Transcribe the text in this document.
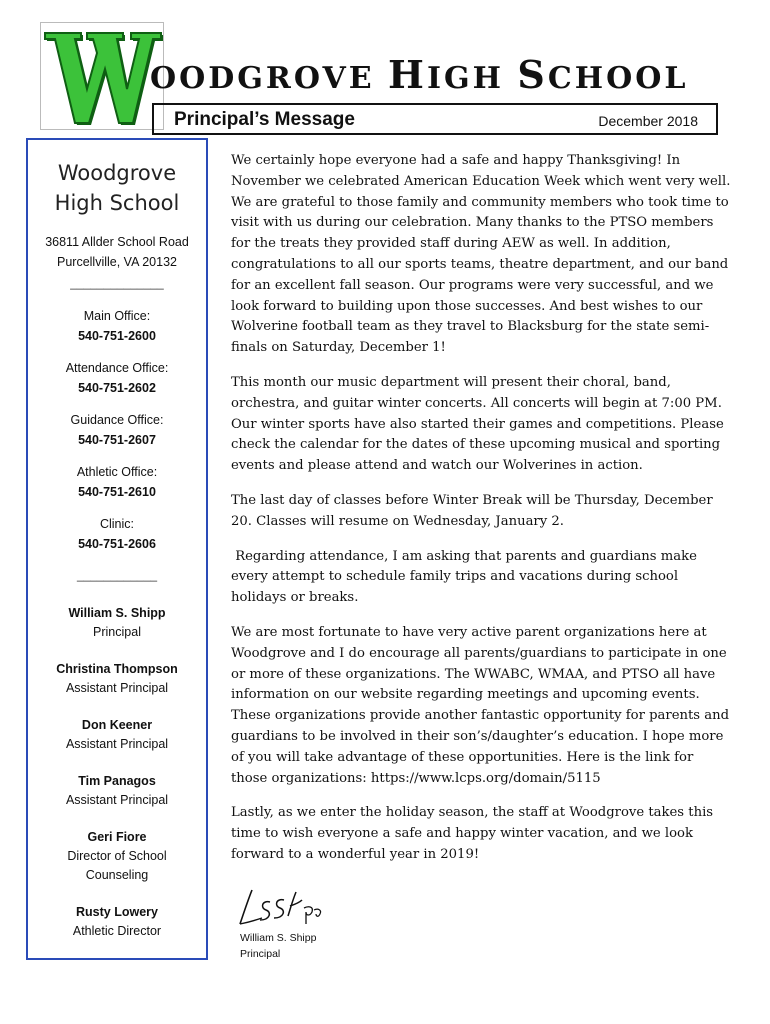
OODGROVE HIGH SCHOOL
Principal’s Message	December 2018
Woodgrove
High School
36811 Allder School Road
Purcellville, VA 20132
______________
Main Office:
540-751-2600
Attendance Office:
540-751-2602
Guidance Office:
540-751-2607
Athletic Office:
540-751-2610
Clinic:
540-751-2606
____________
William S. Shipp
Principal
Christina Thompson
Assistant Principal
Don Keener
Assistant Principal
Tim Panagos
Assistant Principal
Geri Fiore
Director of School Counseling
Rusty Lowery
Athletic Director

We certainly hope everyone had a safe and happy Thanksgiving! In November we celebrated American Education Week which went very well. We are grateful to those family and community members who took time to visit with us during our celebration. Many thanks to the PTSO members for the treats they provided staff during AEW as well. In addition, congratulations to all our sports teams, theatre department, and our band for an excellent fall season. Our programs were very successful, and we look forward to building upon those successes. And best wishes to our Wolverine football team as they travel to Blacksburg for the state semi-finals on Saturday, December 1!

This month our music department will present their choral, band, orchestra, and guitar winter concerts. All concerts will begin at 7:00 PM. Our winter sports have also started their games and competitions. Please check the calendar for the dates of these upcoming musical and sporting events and please attend and watch our Wolverines in action.

The last day of classes before Winter Break will be Thursday, December 20. Classes will resume on Wednesday, January 2.

Regarding attendance, I am asking that parents and guardians make every attempt to schedule family trips and vacations during school holidays or breaks.

We are most fortunate to have very active parent organizations here at Woodgrove and I do encourage all parents/guardians to participate in one or more of these organizations. The WWABC, WMAA, and PTSO all have information on our website regarding meetings and upcoming events. These organizations provide another fantastic opportunity for parents and guardians to be involved in their son’s/daughter’s education. I hope more of you will take advantage of these opportunities. Here is the link for those organizations: https://www.lcps.org/domain/5115

Lastly, as we enter the holiday season, the staff at Woodgrove takes this time to wish everyone a safe and happy winter vacation, and we look forward to a wonderful year in 2019!

William S. Shipp
Principal
